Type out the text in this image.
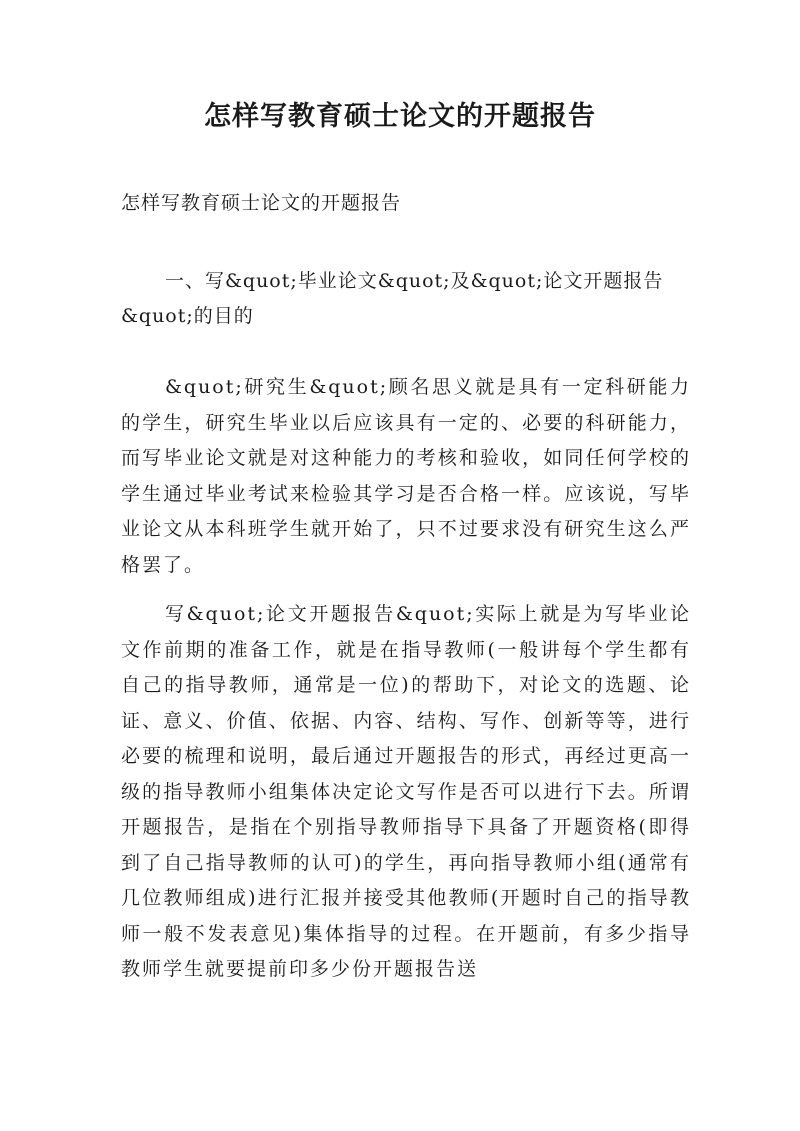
怎样写教育硕士论文的开题报告
怎样写教育硕士论文的开题报告
一、写&quot;毕业论文&quot;及&quot;论文开题报告&quot;的目的
&quot;研究生&quot;顾名思义就是具有一定科研能力的学生，研究生毕业以后应该具有一定的、必要的科研能力，而写毕业论文就是对这种能力的考核和验收，如同任何学校的学生通过毕业考试来检验其学习是否合格一样。应该说，写毕业论文从本科班学生就开始了，只不过要求没有研究生这么严格罢了。
写&quot;论文开题报告&quot;实际上就是为写毕业论文作前期的准备工作，就是在指导教师(一般讲每个学生都有自己的指导教师，通常是一位)的帮助下，对论文的选题、论证、意义、价值、依据、内容、结构、写作、创新等等，进行必要的梳理和说明，最后通过开题报告的形式，再经过更高一级的指导教师小组集体决定论文写作是否可以进行下去。所谓开题报告，是指在个别指导教师指导下具备了开题资格(即得到了自己指导教师的认可)的学生，再向指导教师小组(通常有几位教师组成)进行汇报并接受其他教师(开题时自己的指导教师一般不发表意见)集体指导的过程。在开题前，有多少指导教师学生就要提前印多少份开题报告送
